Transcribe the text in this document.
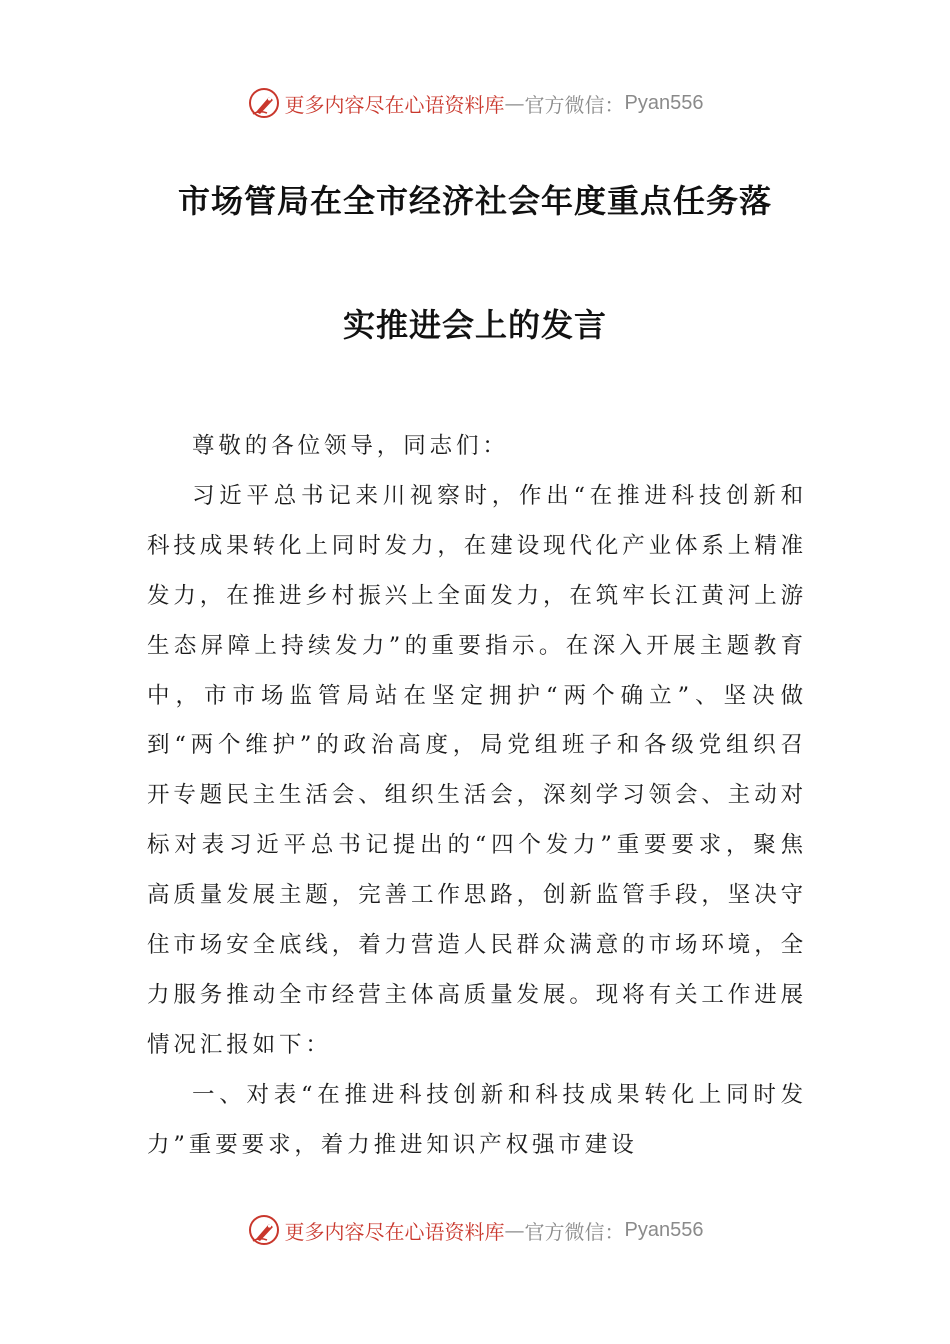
更多内容尽在心语资料库 — 官方微信： Pyan556
市场管局在全市经济社会年度重点任务落
实推进会上的发言

尊敬的各位领导，同志们：

习近平总书记来川视察时，作出“在推进科技创新和科技成果转化上同时发力，在建设现代化产业体系上精准发力，在推进乡村振兴上全面发力，在筑牢长江黄河上游生态屏障上持续发力”的重要指示。在深入开展主题教育中，市市场监管局站在坚定拥护“两个确立”、坚决做到“两个维护”的政治高度，局党组班子和各级党组织召开专题民主生活会、组织生活会，深刻学习领会、主动对标对表习近平总书记提出的“四个发力”重要要求，聚焦高质量发展主题，完善工作思路，创新监管手段，坚决守住市场安全底线，着力营造人民群众满意的市场环境，全力服务推动全市经营主体高质量发展。现将有关工作进展情况汇报如下：

一、对表“在推进科技创新和科技成果转化上同时发力”重要要求，着力推进知识产权强市建设

更多内容尽在心语资料库 — 官方微信： Pyan556
